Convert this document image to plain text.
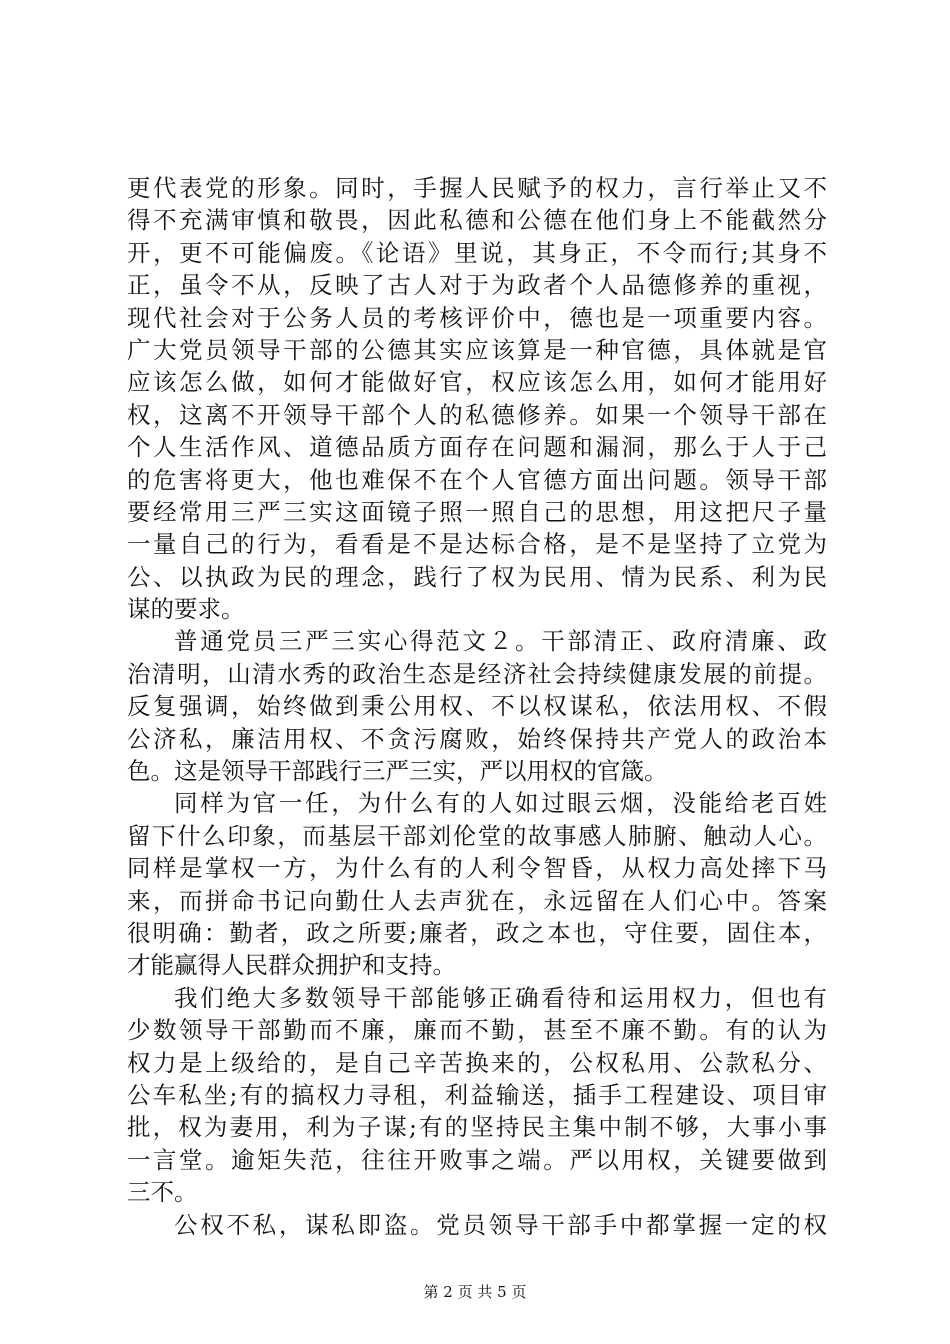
更代表党的形象。同时，手握人民赋予的权力，言行举止又不
得不充满审慎和敬畏，因此私德和公德在他们身上不能截然分
开，更不可能偏废。《论语》里说，其身正，不令而行;其身不
正，虽令不从，反映了古人对于为政者个人品德修养的重视，
现代社会对于公务人员的考核评价中，德也是一项重要内容。
广大党员领导干部的公德其实应该算是一种官德，具体就是官
应该怎么做，如何才能做好官，权应该怎么用，如何才能用好
权，这离不开领导干部个人的私德修养。如果一个领导干部在
个人生活作风、道德品质方面存在问题和漏洞，那么于人于己
的危害将更大，他也难保不在个人官德方面出问题。领导干部
要经常用三严三实这面镜子照一照自己的思想，用这把尺子量
一量自己的行为，看看是不是达标合格，是不是坚持了立党为
公、以执政为民的理念，践行了权为民用、情为民系、利为民
谋的要求。
普通党员三严三实心得范文２。干部清正、政府清廉、政
治清明，山清水秀的政治生态是经济社会持续健康发展的前提。
反复强调，始终做到秉公用权、不以权谋私，依法用权、不假
公济私，廉洁用权、不贪污腐败，始终保持共产党人的政治本
色。这是领导干部践行三严三实，严以用权的官箴。
同样为官一任，为什么有的人如过眼云烟，没能给老百姓
留下什么印象，而基层干部刘伦堂的故事感人肺腑、触动人心。
同样是掌权一方，为什么有的人利令智昏，从权力高处摔下马
来，而拼命书记向勤仕人去声犹在，永远留在人们心中。答案
很明确：勤者，政之所要;廉者，政之本也，守住要，固住本，
才能赢得人民群众拥护和支持。
我们绝大多数领导干部能够正确看待和运用权力，但也有
少数领导干部勤而不廉，廉而不勤，甚至不廉不勤。有的认为
权力是上级给的，是自己辛苦换来的，公权私用、公款私分、
公车私坐;有的搞权力寻租，利益输送，插手工程建设、项目审
批，权为妻用，利为子谋;有的坚持民主集中制不够，大事小事
一言堂。逾矩失范，往往开败事之端。严以用权，关键要做到
三不。
公权不私，谋私即盗。党员领导干部手中都掌握一定的权
第 2 页 共 5 页
